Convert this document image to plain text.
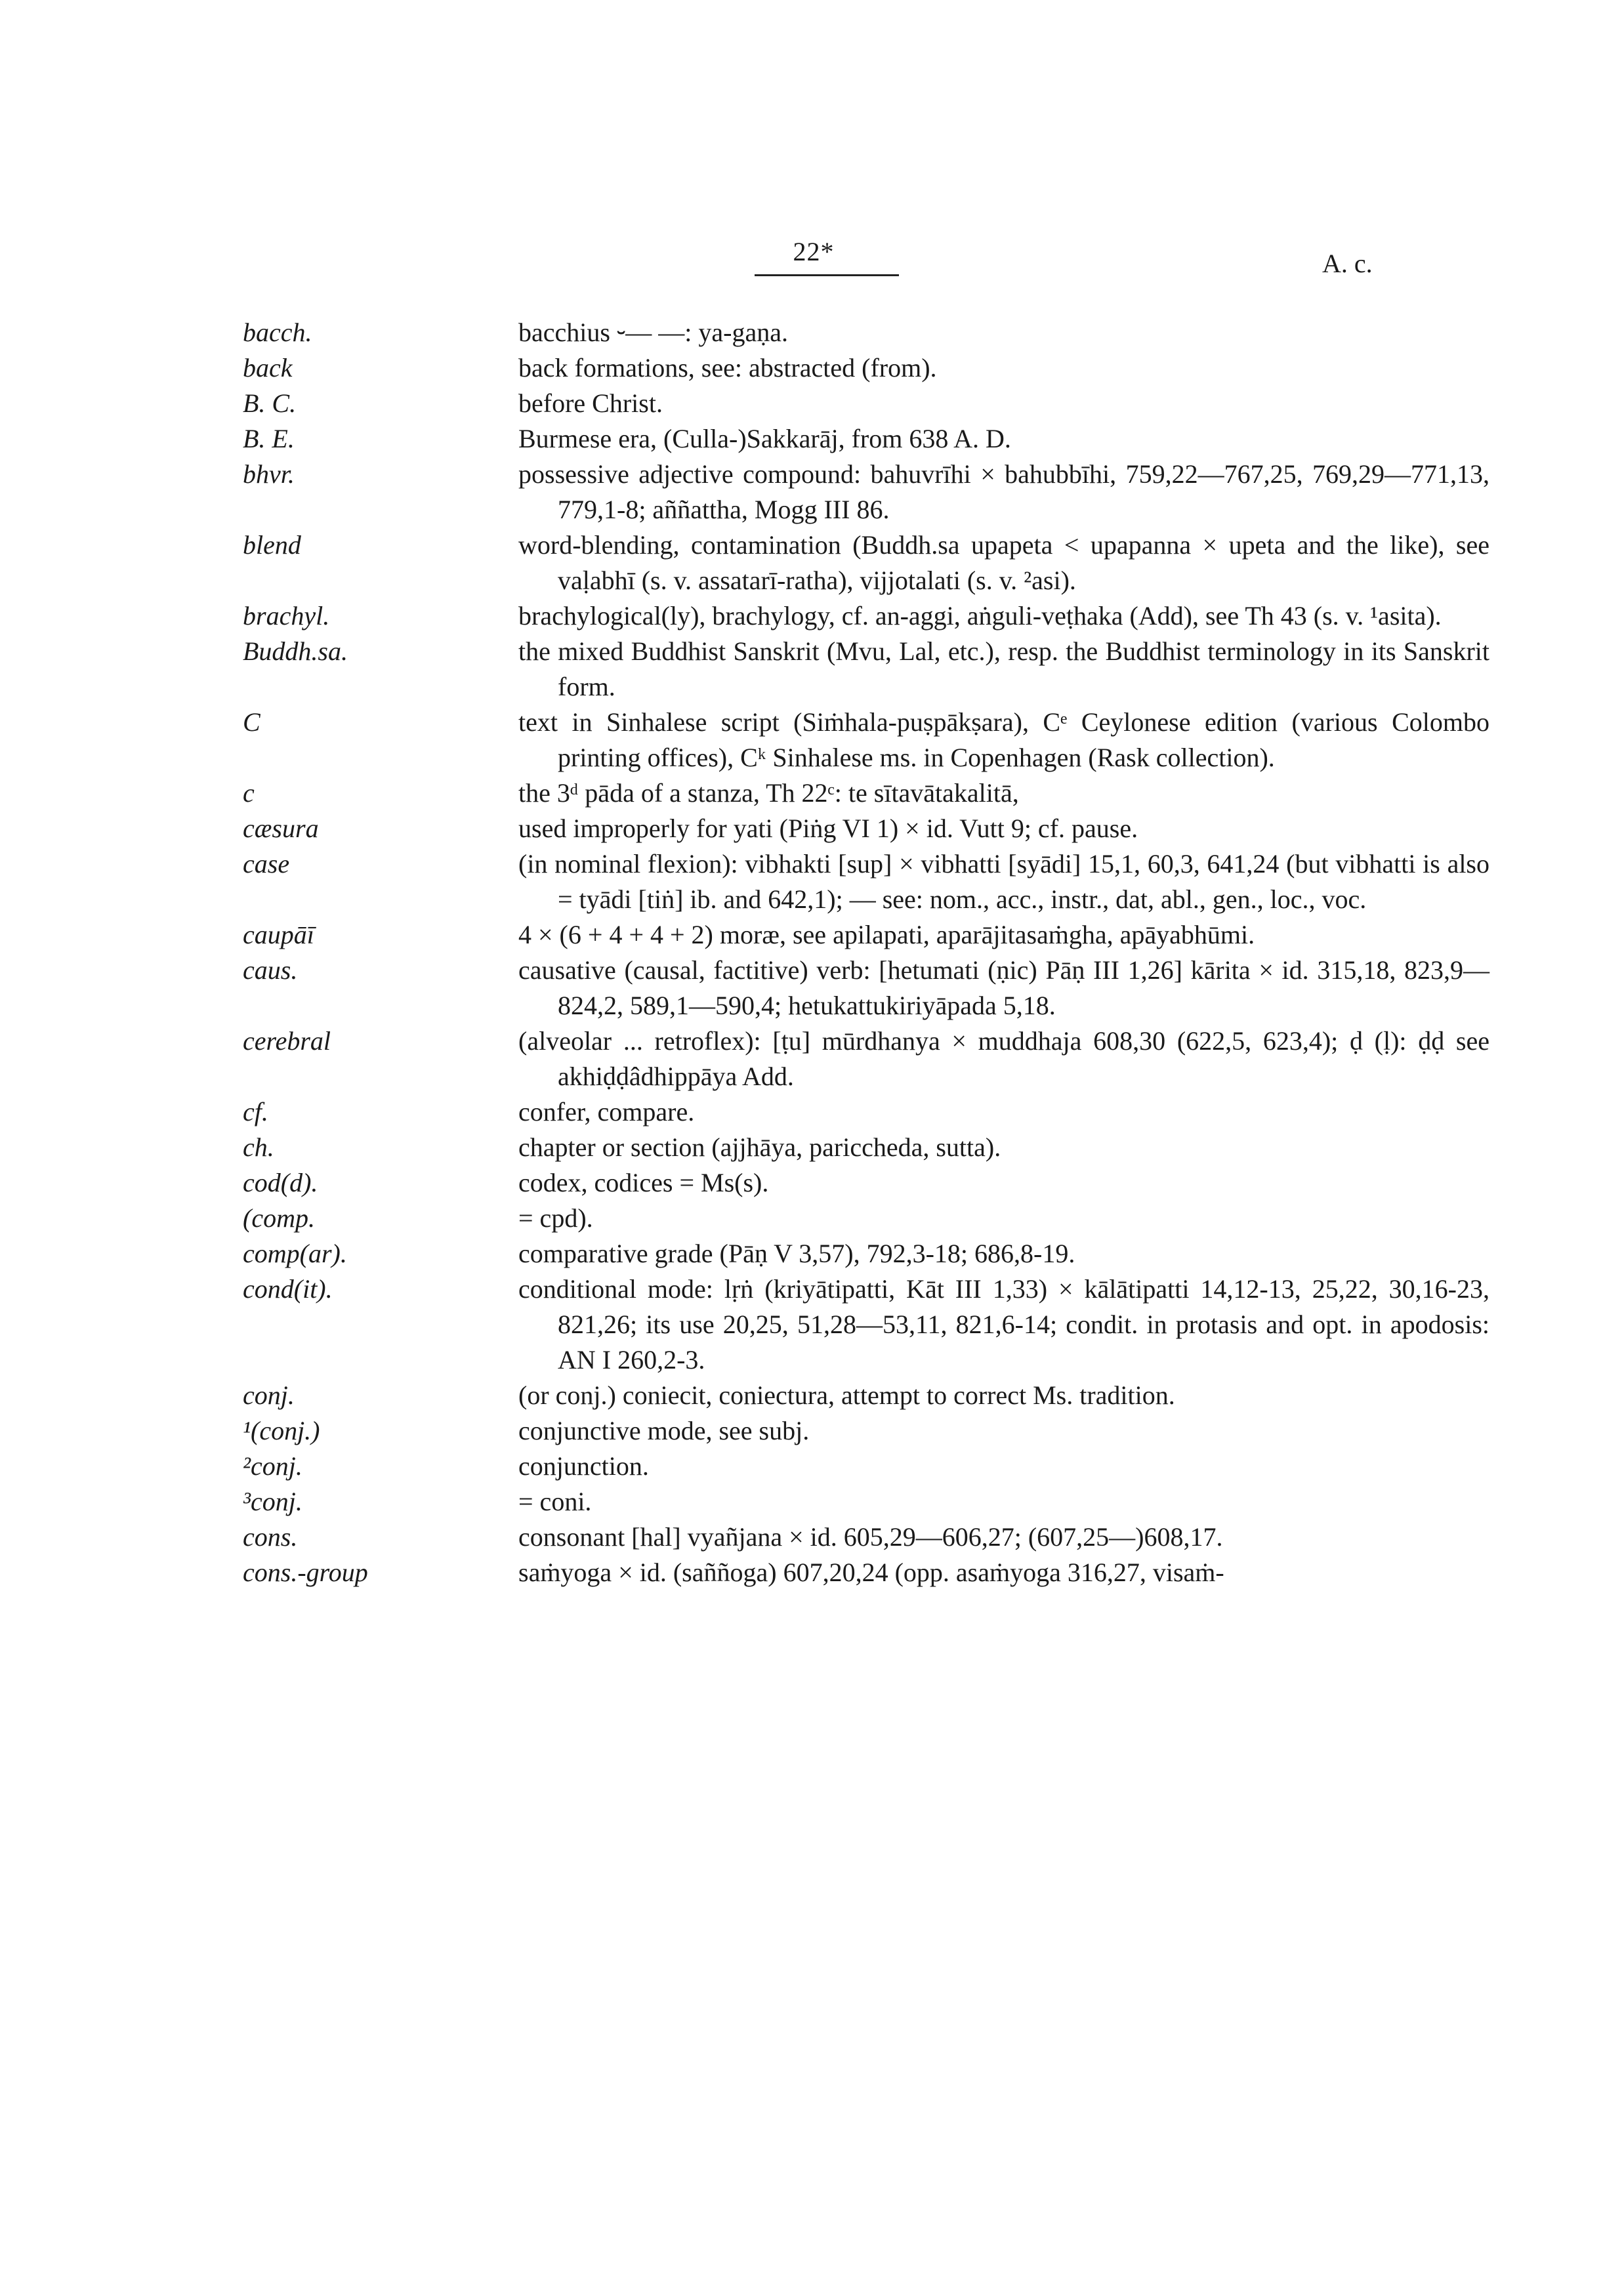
22*	A. c.
bacch.	bacchius ⏑— —: ya-gaṇa.
back	back formations, see: abstracted (from).
B. C.	before Christ.
B. E.	Burmese era, (Culla-)Sakkarāj, from 638 A. D.
bhvr.	possessive adjective compound: bahuvrīhi × bahubbīhi, 759,22—767,25, 769,29—771,13, 779,1-8; aññattha, Mogg III 86.
blend	word-blending, contamination (Buddh.sa upapeta < upapanna × upeta and the like), see vaḷabhī (s. v. assatarī-ratha), vijjotalati (s. v. ²asi).
brachyl.	brachylogical(ly), brachylogy, cf. an-aggi, aṅguli-veṭhaka (Add), see Th 43 (s. v. ¹asita).
Buddh.sa.	the mixed Buddhist Sanskrit (Mvu, Lal, etc.), resp. the Buddhist terminology in its Sanskrit form.
C	text in Sinhalese script (Siṁhala-puṣpākṣara), Cᵉ Ceylonese edition (various Colombo printing offices), Cᵏ Sinhalese ms. in Copenhagen (Rask collection).
c	the 3ᵈ pāda of a stanza, Th 22ᶜ: te sītavātakalitā,
cæsura	used improperly for yati (Piṅg VI 1) × id. Vutt 9; cf. pause.
case	(in nominal flexion): vibhakti [sup] × vibhatti [syādi] 15,1, 60,3, 641,24 (but vibhatti is also = tyādi [tiṅ] ib. and 642,1); — see: nom., acc., instr., dat, abl., gen., loc., voc.
caupāī	4 × (6 + 4 + 4 + 2) moræ, see apilapati, aparājitasaṁgha, apāyabhūmi.
caus.	causative (causal, factitive) verb: [hetumati (ṇic) Pāṇ III 1,26] kārita × id. 315,18, 823,9—824,2, 589,1—590,4; hetukattukiriyāpada 5,18.
cerebral	(alveolar ... retroflex): [ṭu] mūrdhanya × muddhaja 608,30 (622,5, 623,4); ḍ (ḷ): ḍḍ see akhiḍḍâdhippāya Add.
cf.	confer, compare.
ch.	chapter or section (ajjhāya, pariccheda, sutta).
cod(d).	codex, codices = Ms(s).
(comp.	= cpd).
comp(ar).	comparative grade (Pāṇ V 3,57), 792,3-18; 686,8-19.
cond(it).	conditional mode: lṛṅ (kriyātipatti, Kāt III 1,33) × kālātipatti 14,12-13, 25,22, 30,16-23, 821,26; its use 20,25, 51,28—53,11, 821,6-14; condit. in protasis and opt. in apodosis: AN I 260,2-3.
conj.	(or conj.) coniecit, coniectura, attempt to correct Ms. tradition.
¹(conj.)	conjunctive mode, see subj.
²conj.	conjunction.
³conj.	= coni.
cons.	consonant [hal] vyañjana × id. 605,29—606,27; (607,25—)608,17.
cons.-group	saṁyoga × id. (saññoga) 607,20,24 (opp. asaṁyoga 316,27, visaṁ-
